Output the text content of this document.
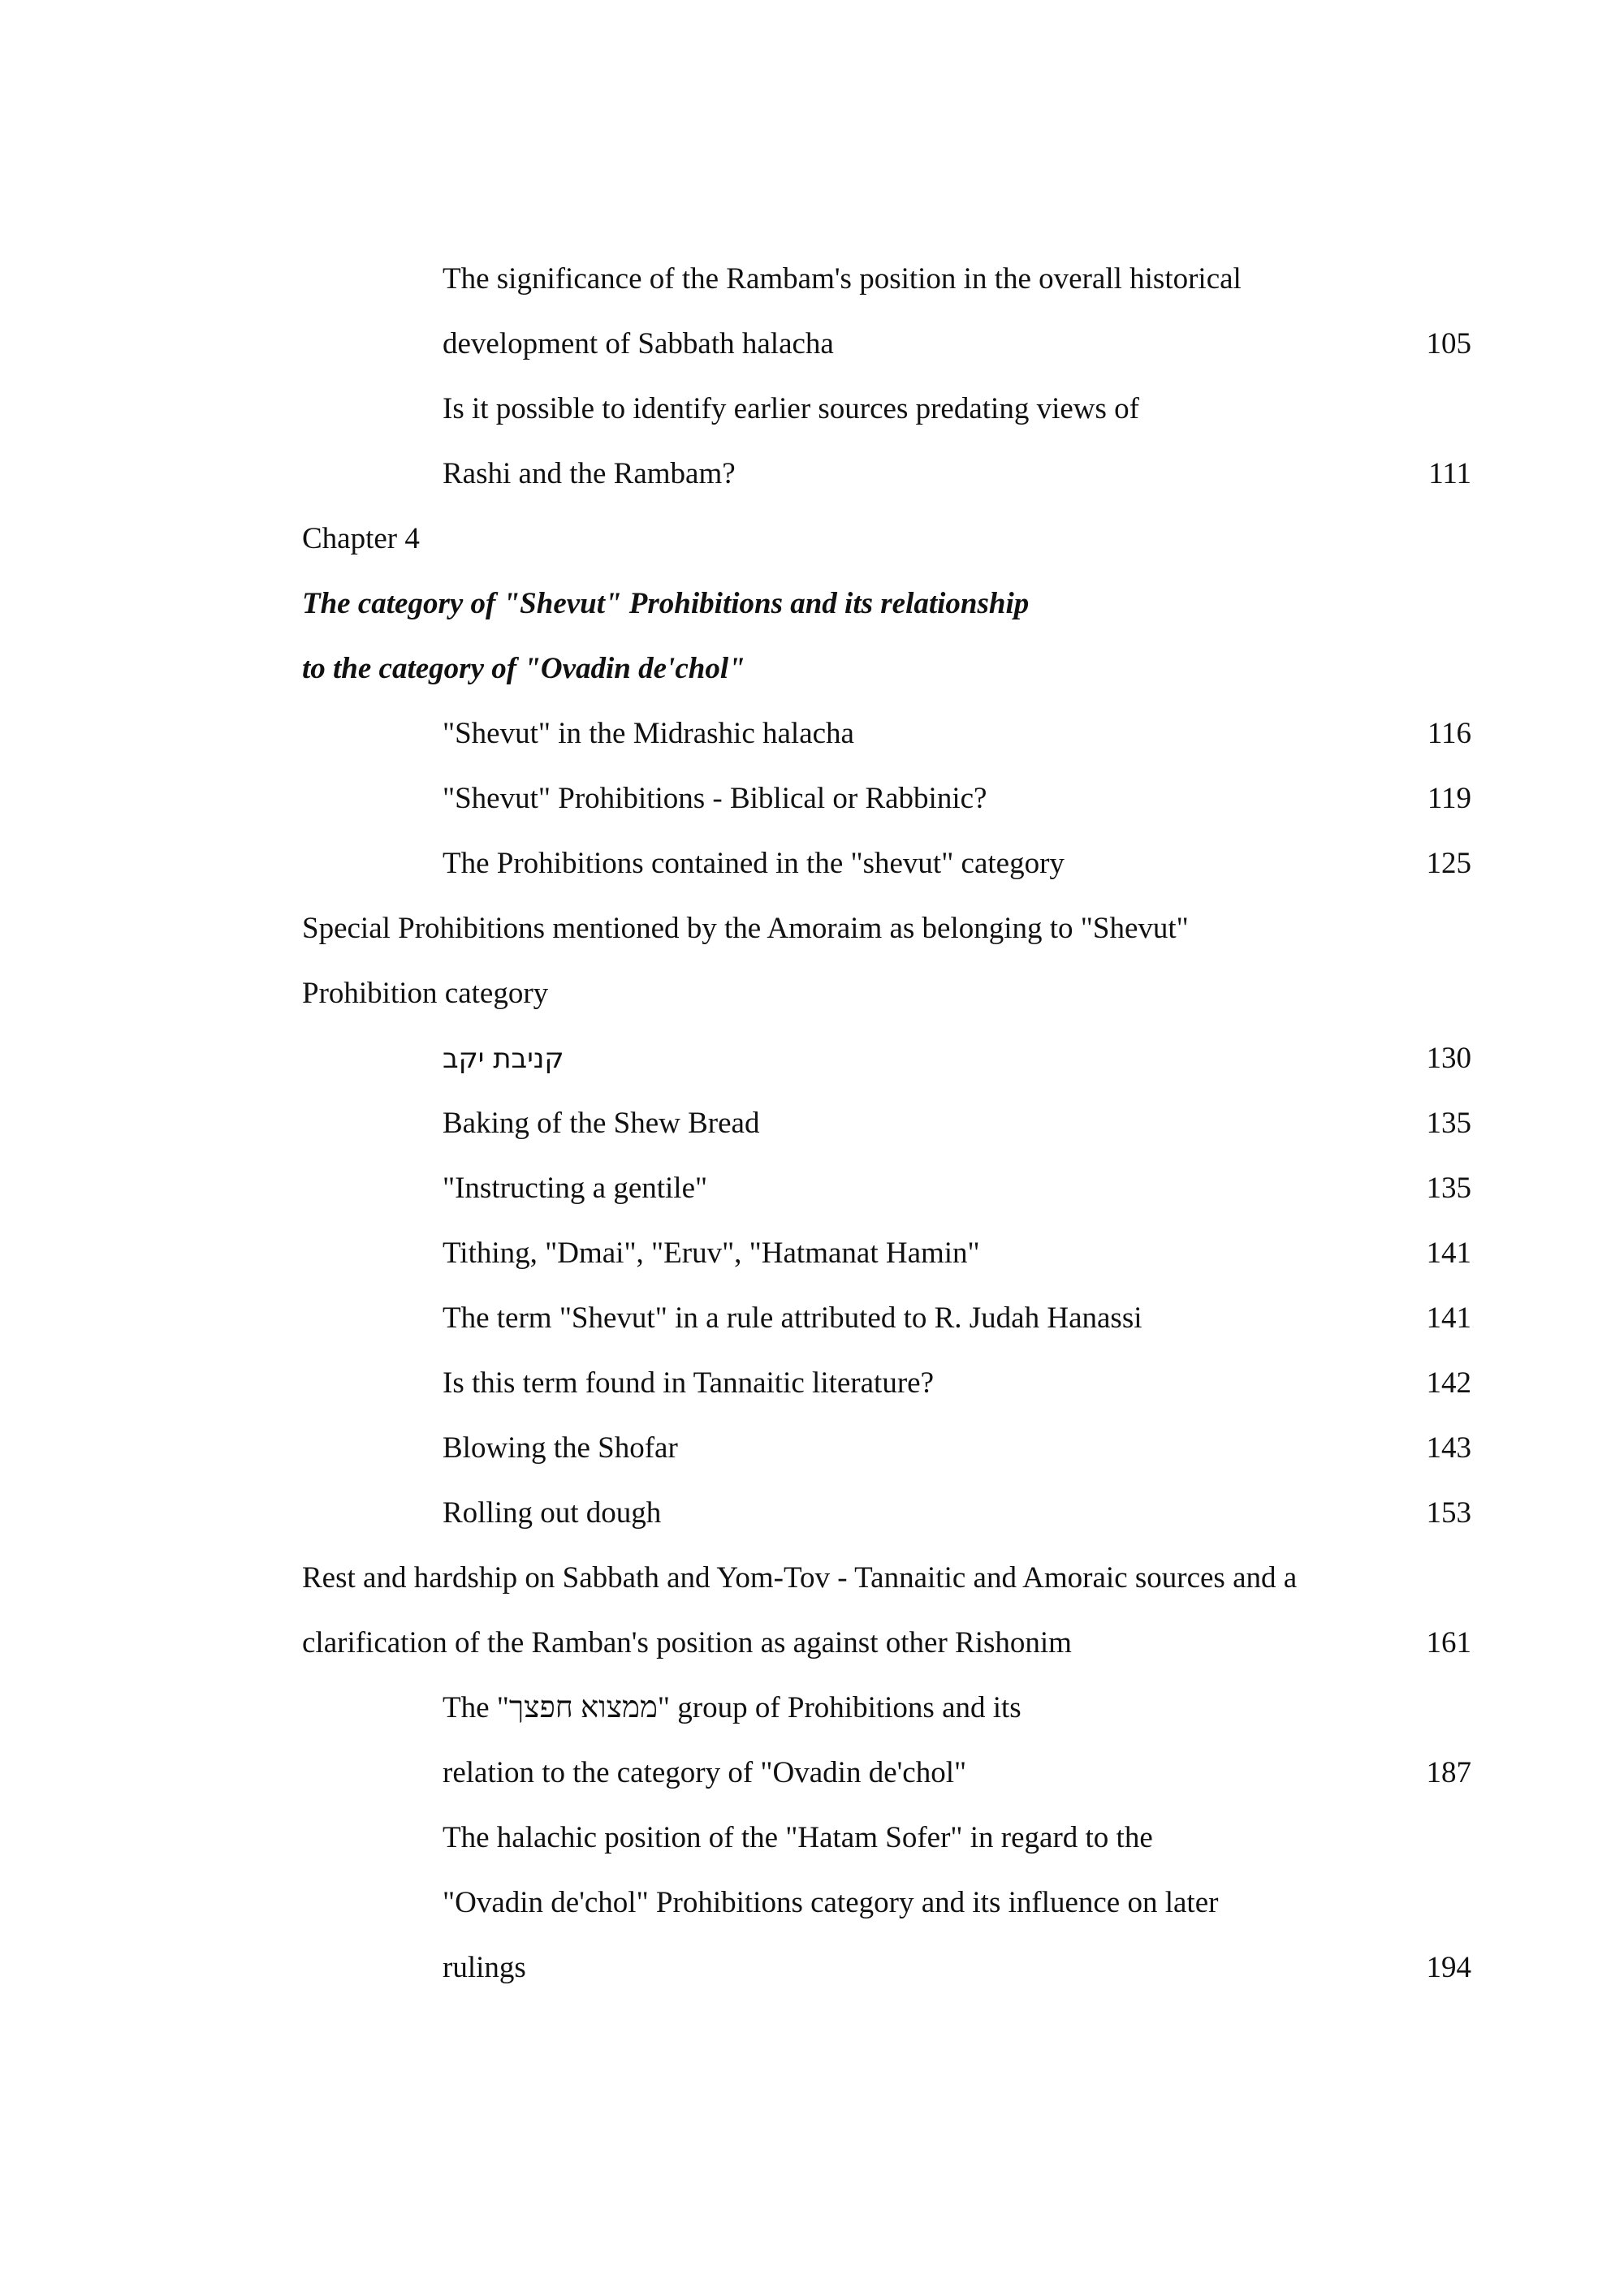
The significance of the Rambam's position in the overall historical
development of Sabbath halacha	105
Is it possible to identify earlier sources predating views of
Rashi and the Rambam?	111
Chapter 4
The category of "Shevut" Prohibitions and its relationship
to the category of "Ovadin de'chol"
"Shevut" in the Midrashic halacha	116
"Shevut" Prohibitions - Biblical or Rabbinic?	119
The Prohibitions contained in the "shevut" category	125
Special Prohibitions mentioned by the Amoraim as belonging to "Shevut"
Prohibition category
קניבת יקב	130
Baking of the Shew Bread	135
"Instructing a gentile"	135
Tithing, "Dmai", "Eruv", "Hatmanat Hamin"	141
The term "Shevut" in a rule attributed to R. Judah Hanassi	141
Is this term found in Tannaitic literature?	142
Blowing the Shofar	143
Rolling out dough	153
Rest and hardship on Sabbath and Yom-Tov - Tannaitic and Amoraic sources and a
clarification of the Ramban's position as against other Rishonim	161
The "ממצוא חפצך" group of Prohibitions and its
relation to the category of "Ovadin de'chol"	187
The halachic position of the "Hatam Sofer" in regard to the
"Ovadin de'chol" Prohibitions category and its influence on later
rulings	194
